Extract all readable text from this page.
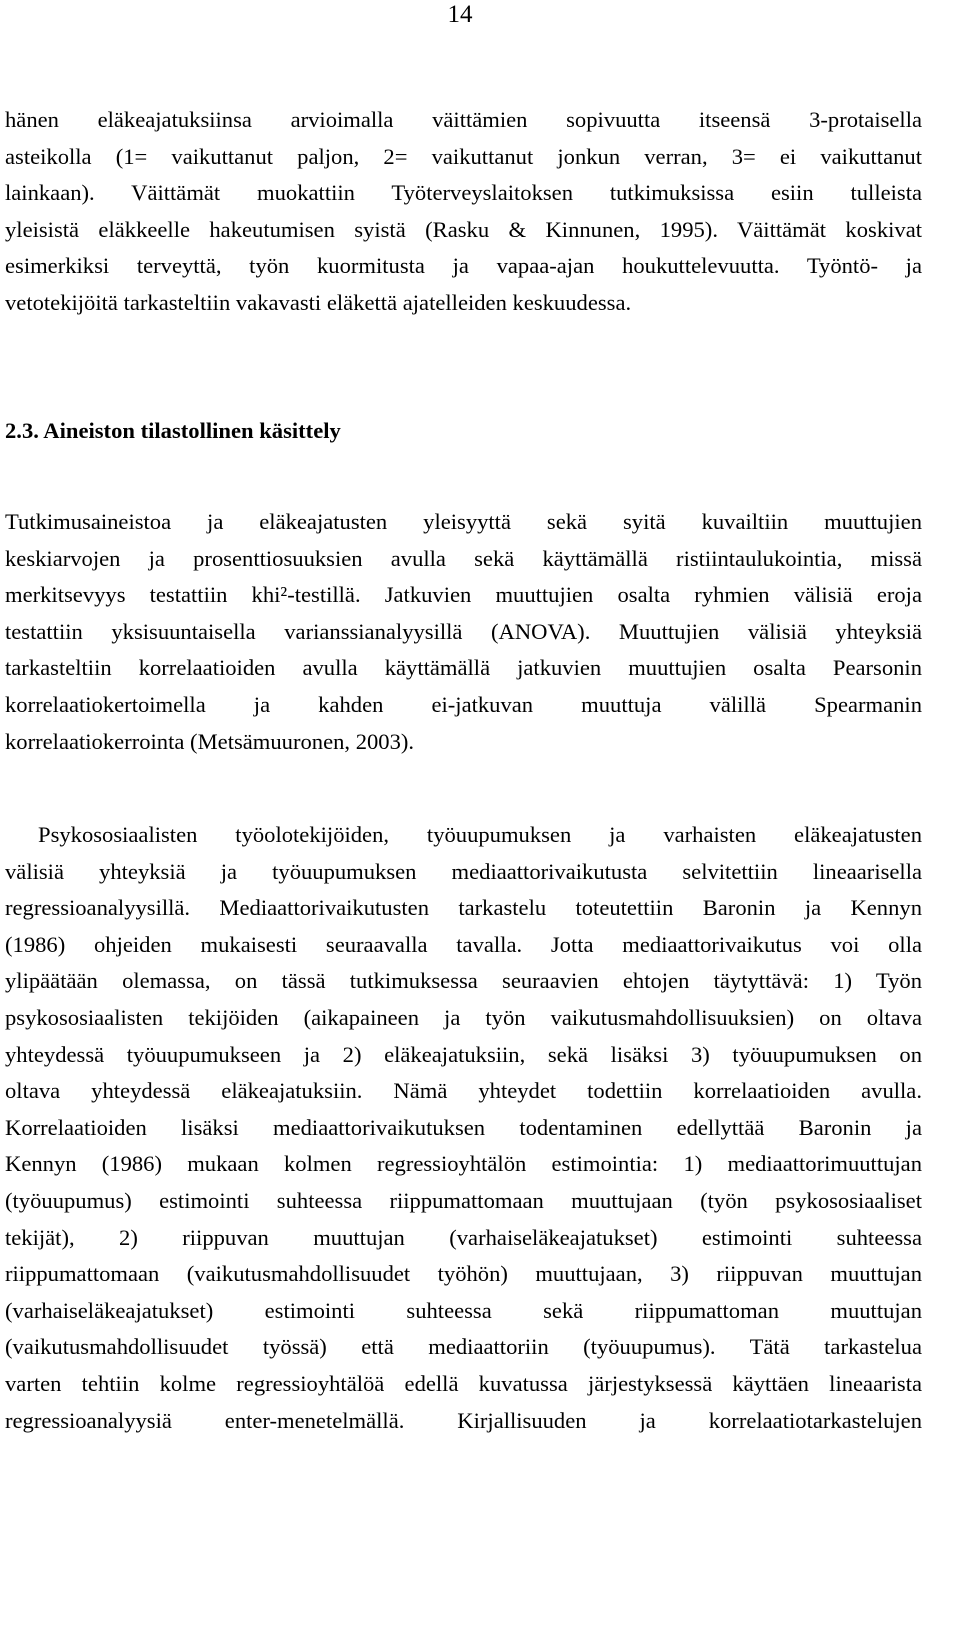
14
hänen eläkeajatuksiinsa arvioimalla väittämien sopivuutta itseensä 3-protaisella
asteikolla (1= vaikuttanut paljon, 2= vaikuttanut jonkun verran, 3= ei vaikuttanut
lainkaan). Väittämät muokattiin Työterveyslaitoksen tutkimuksissa esiin tulleista
yleisistä eläkkeelle hakeutumisen syistä (Rasku & Kinnunen, 1995). Väittämät koskivat
esimerkiksi terveyttä, työn kuormitusta ja vapaa-ajan houkuttelevuutta. Työntö- ja
vetotekijöitä tarkasteltiin vakavasti eläkettä ajatelleiden keskuudessa.
2.3. Aineiston tilastollinen käsittely
Tutkimusaineistoa ja eläkeajatusten yleisyyttä sekä syitä kuvailtiin muuttujien
keskiarvojen ja prosenttiosuuksien avulla sekä käyttämällä ristiintaulukointia, missä
merkitsevyys testattiin khi²-testillä. Jatkuvien muuttujien osalta ryhmien välisiä eroja
testattiin yksisuuntaisella varianssianalyysillä (ANOVA). Muuttujien välisiä yhteyksiä
tarkasteltiin korrelaatioiden avulla käyttämällä jatkuvien muuttujien osalta Pearsonin
korrelaatiokertoimella ja kahden ei-jatkuvan muuttuja välillä Spearmanin
korrelaatiokerrointa (Metsämuuronen, 2003).
Psykososiaalisten työolotekijöiden, työuupumuksen ja varhaisten eläkeajatusten
välisiä yhteyksiä ja työuupumuksen mediaattorivaikutusta selvitettiin lineaarisella
regressioanalyysillä. Mediaattorivaikutusten tarkastelu toteutettiin Baronin ja Kennyn
(1986) ohjeiden mukaisesti seuraavalla tavalla. Jotta mediaattorivaikutus voi olla
ylipäätään olemassa, on tässä tutkimuksessa seuraavien ehtojen täytyttävä: 1) Työn
psykososiaalisten tekijöiden (aikapaineen ja työn vaikutusmahdollisuuksien) on oltava
yhteydessä työuupumukseen ja 2) eläkeajatuksiin, sekä lisäksi 3) työuupumuksen on
oltava yhteydessä eläkeajatuksiin. Nämä yhteydet todettiin korrelaatioiden avulla.
Korrelaatioiden lisäksi mediaattorivaikutuksen todentaminen edellyttää Baronin ja
Kennyn (1986) mukaan kolmen regressioyhtälön estimointia: 1) mediaattorimuuttujan
(työuupumus) estimointi suhteessa riippumattomaan muuttujaan (työn psykososiaaliset
tekijät), 2) riippuvan muuttujan (varhaiseläkeajatukset) estimointi suhteessa
riippumattomaan (vaikutusmahdollisuudet työhön) muuttujaan, 3) riippuvan muuttujan
(varhaiseläkeajatukset) estimointi suhteessa sekä riippumattoman muuttujan
(vaikutusmahdollisuudet työssä) että mediaattoriin (työuupumus). Tätä tarkastelua
varten tehtiin kolme regressioyhtälöä edellä kuvatussa järjestyksessä käyttäen lineaarista
regressioanalyysiä enter-menetelmällä. Kirjallisuuden ja korrelaatiotarkastelujen
